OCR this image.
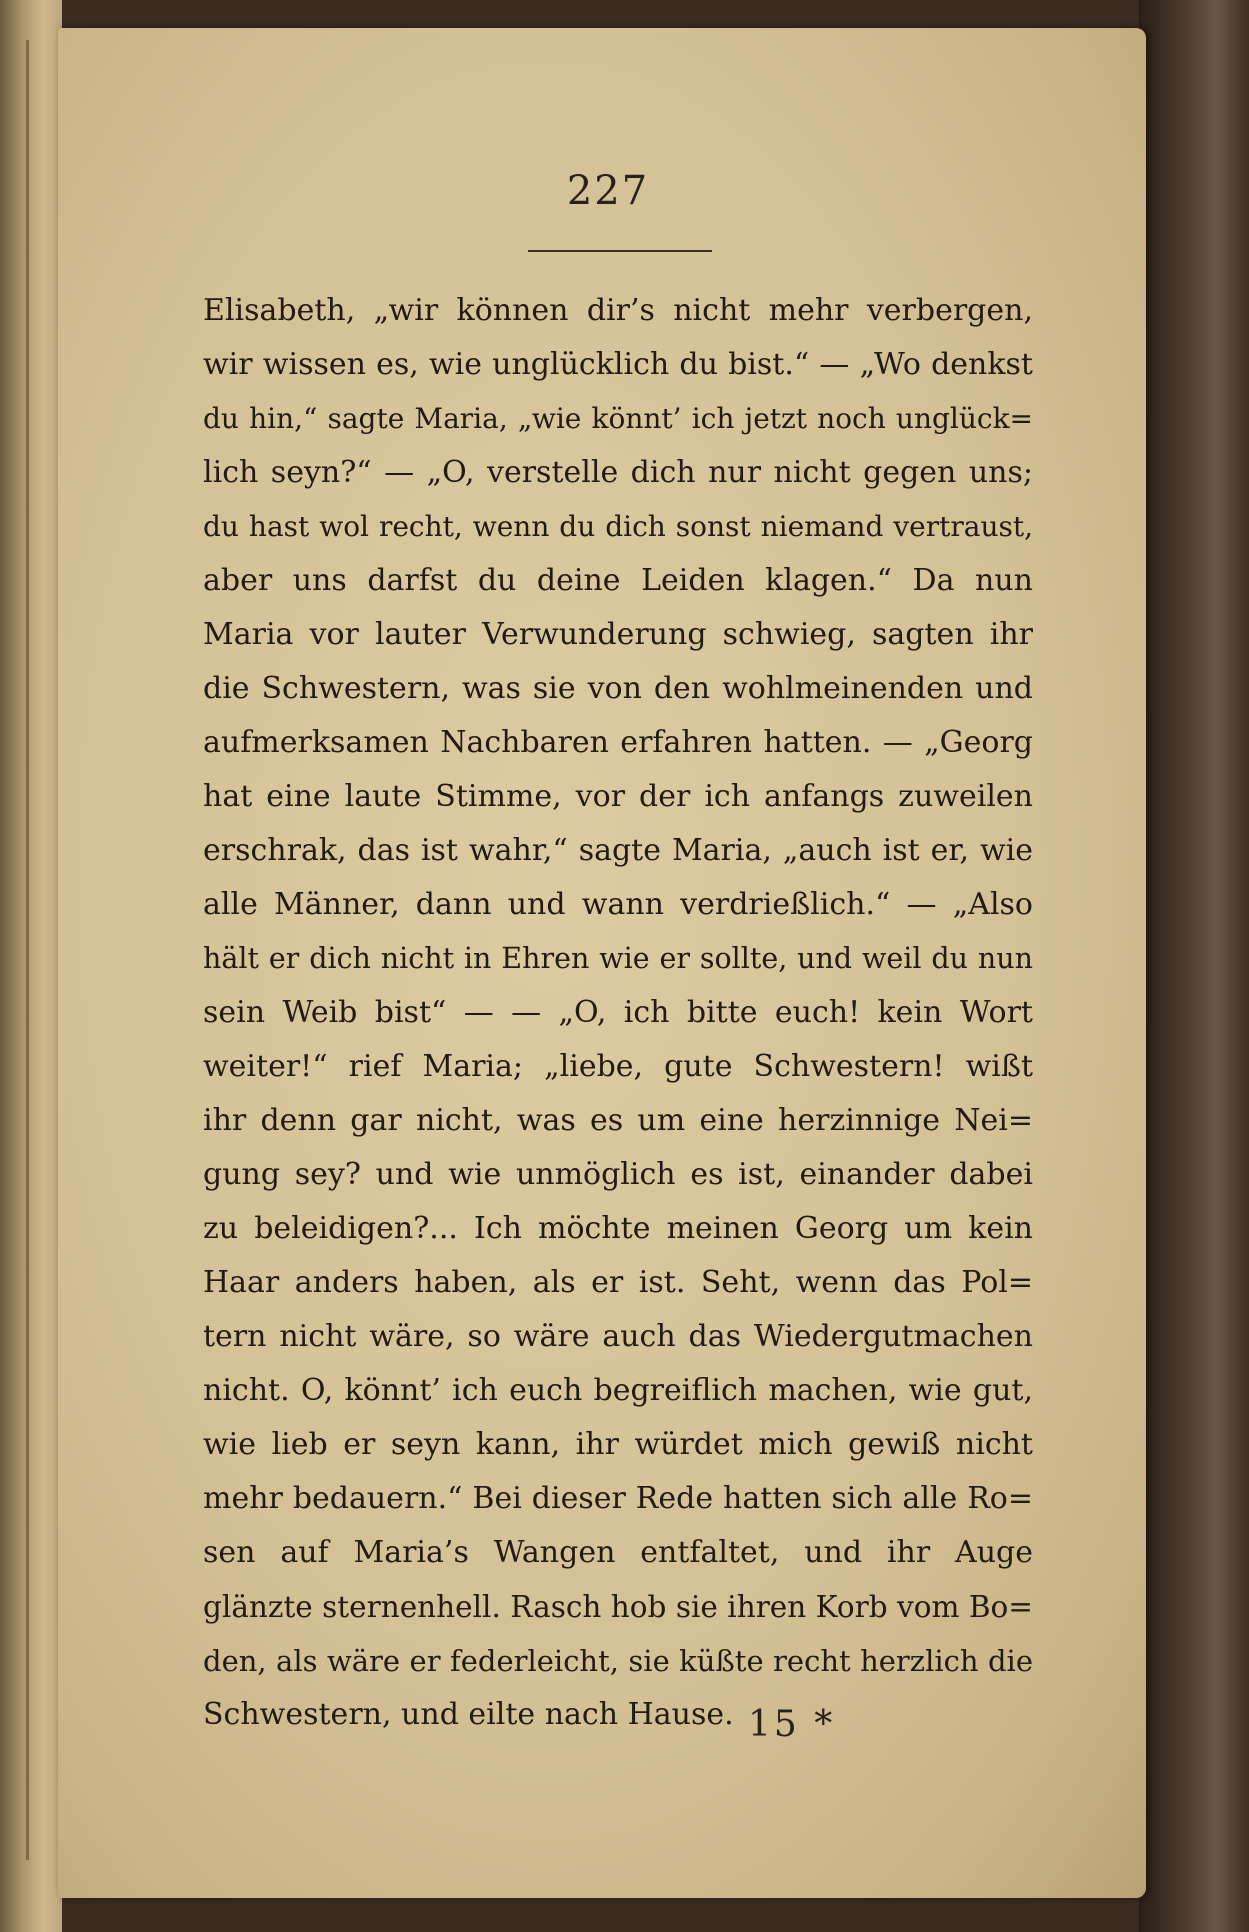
227
Elisabeth, „wir können dir’s nicht mehr verbergen,
wir wissen es, wie unglücklich du bist.“ — „Wo denkst
du hin,“ sagte Maria, „wie könnt’ ich jetzt noch unglück=
lich seyn?“ — „O, verstelle dich nur nicht gegen uns;
du hast wol recht, wenn du dich sonst niemand vertraust,
aber uns darfst du deine Leiden klagen.“ Da nun
Maria vor lauter Verwunderung schwieg, sagten ihr
die Schwestern, was sie von den wohlmeinenden und
aufmerksamen Nachbaren erfahren hatten. — „Georg
hat eine laute Stimme, vor der ich anfangs zuweilen
erschrak, das ist wahr,“ sagte Maria, „auch ist er, wie
alle Männer, dann und wann verdrießlich.“ — „Also
hält er dich nicht in Ehren wie er sollte, und weil du nun
sein Weib bist“ — — „O, ich bitte euch! kein Wort
weiter!“ rief Maria; „liebe, gute Schwestern! wißt
ihr denn gar nicht, was es um eine herzinnige Nei=
gung sey? und wie unmöglich es ist, einander dabei
zu beleidigen?... Ich möchte meinen Georg um kein
Haar anders haben, als er ist. Seht, wenn das Pol=
tern nicht wäre, so wäre auch das Wiedergutmachen
nicht. O, könnt’ ich euch begreiflich machen, wie gut,
wie lieb er seyn kann, ihr würdet mich gewiß nicht
mehr bedauern.“ Bei dieser Rede hatten sich alle Ro=
sen auf Maria’s Wangen entfaltet, und ihr Auge
glänzte sternenhell. Rasch hob sie ihren Korb vom Bo=
den, als wäre er federleicht, sie küßte recht herzlich die
Schwestern, und eilte nach Hause. 15 *
